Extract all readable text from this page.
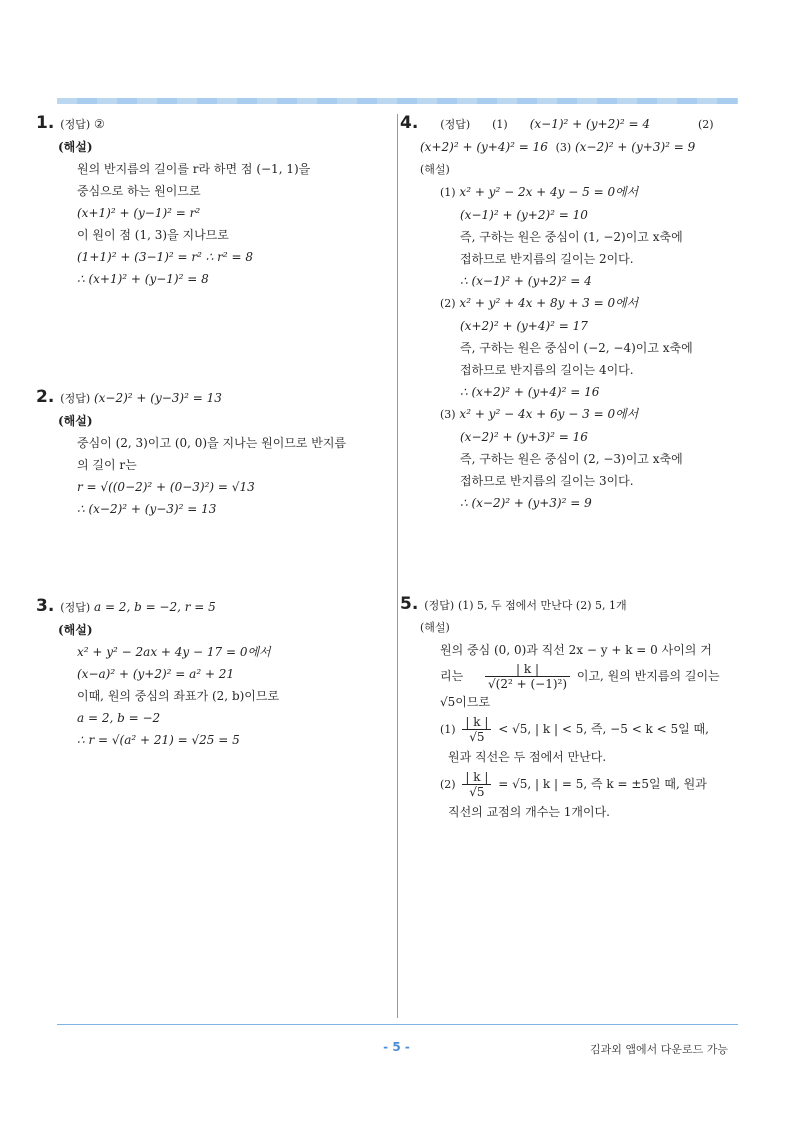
1. (정답)
②
(해설)
원의 반지름의 길이를 r라 하면 점 (−1, 1)을
중심으로 하는 원이므로
(x+1)² + (y−1)² = r²
이 원이 점 (1, 3)을 지나므로
(1+1)² + (3−1)² = r² ∴ r² = 8
∴ (x+1)² + (y−1)² = 8
2. (정답)
(x−2)² + (y−3)² = 13
(해설)
중심이 (2, 3)이고 (0, 0)을 지나는 원이므로 반지름
의 길이 r는
r = √((0−2)² + (0−3)²) = √13
∴ (x−2)² + (y−3)² = 13
3. (정답)
a = 2, b = −2, r = 5
(해설)
x² + y² − 2ax + 4y − 17 = 0에서
(x−a)² + (y+2)² = a² + 21
이때, 원의 중심의 좌표가 (2, b)이므로
a = 2, b = −2
∴ r = √(a² + 21) = √25 = 5
4. (정답) (1) (x−1)² + (y+2)² = 4	(2)
(x+2)² + (y+4)² = 16 (3) (x−2)² + (y+3)² = 9
(해설)
(1) x² + y² − 2x + 4y − 5 = 0에서
(x−1)² + (y+2)² = 10
즉, 구하는 원은 중심이 (1, −2)이고 x축에
접하므로 반지름의 길이는 2이다.
∴ (x−1)² + (y+2)² = 4
(2) x² + y² + 4x + 8y + 3 = 0에서
(x+2)² + (y+4)² = 17
즉, 구하는 원은 중심이 (−2, −4)이고 x축에
접하므로 반지름의 길이는 4이다.
∴ (x+2)² + (y+4)² = 16
(3) x² + y² − 4x + 6y − 3 = 0에서
(x−2)² + (y+3)² = 16
즉, 구하는 원은 중심이 (2, −3)이고 x축에
접하므로 반지름의 길이는 3이다.
∴ (x−2)² + (y+3)² = 9
5. (정답)
(1) 5, 두 점에서 만난다 (2) 5, 1개
(해설)
원의 중심 (0, 0)과 직선 2x − y + k = 0 사이의 거
리는 $\frac{| k |}{\text{√(2² + (−1)²)}}$ 이고, 원의 반지름의 길이는
√5이므로
$(1) \frac{| k |}{√5} < √5$, | k | < 5, 즉, −5 < k < 5일 때,
원과 직선은 두 점에서 만난다.
$(2) \frac{| k |}{√5} = √5$, | k | = 5, 즉 k = ±5일 때, 원과
직선의 교점의 개수는 1개이다.
- 5 -	김과외 앱에서 다운로드 가능
